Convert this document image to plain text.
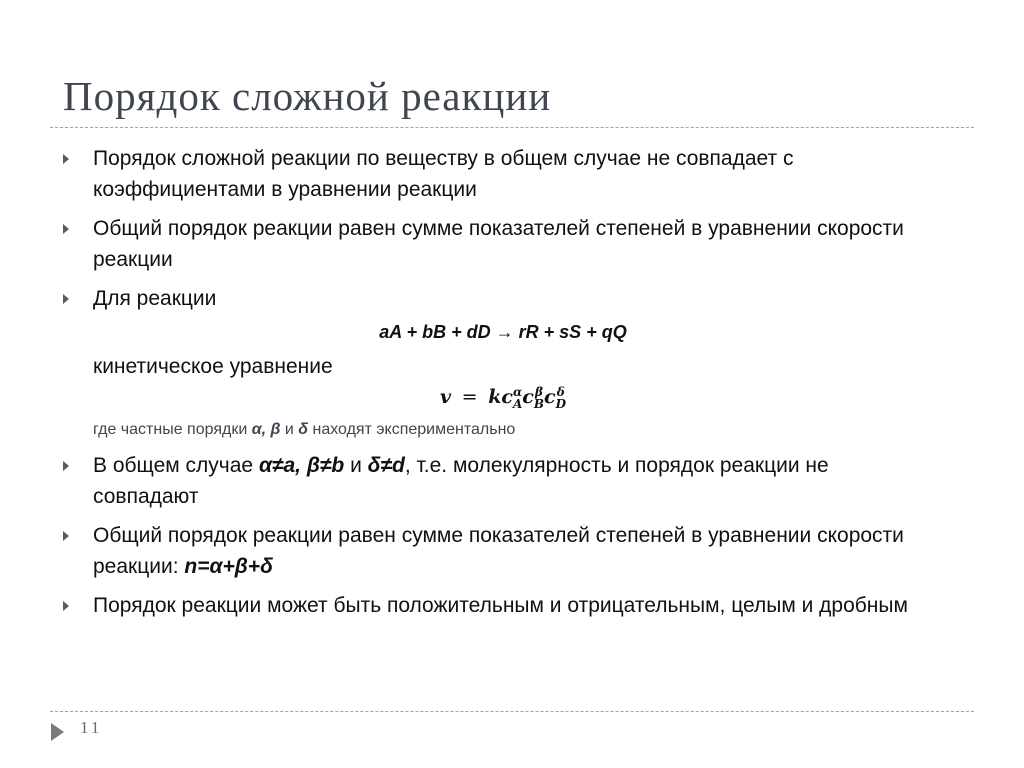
Порядок сложной реакции
Порядок сложной реакции по веществу в общем случае не совпадает с коэффициентами в уравнении реакции
Общий порядок реакции равен сумме показателей степеней в уравнении скорости реакции
Для реакции
aA + bB + dD → rR + sS + qQ
кинетическое уравнение
v = kc α
A c β
B c δ
D
где частные порядки α, β и δ находят экспериментально
В общем случае α≠a, β≠b и δ≠d, т.е. молекулярность и порядок реакции не совпадают
Общий порядок реакции равен сумме показателей степеней в уравнении скорости реакции: n=α+β+δ
Порядок реакции может быть положительным и отрицательным, целым и дробным
11
